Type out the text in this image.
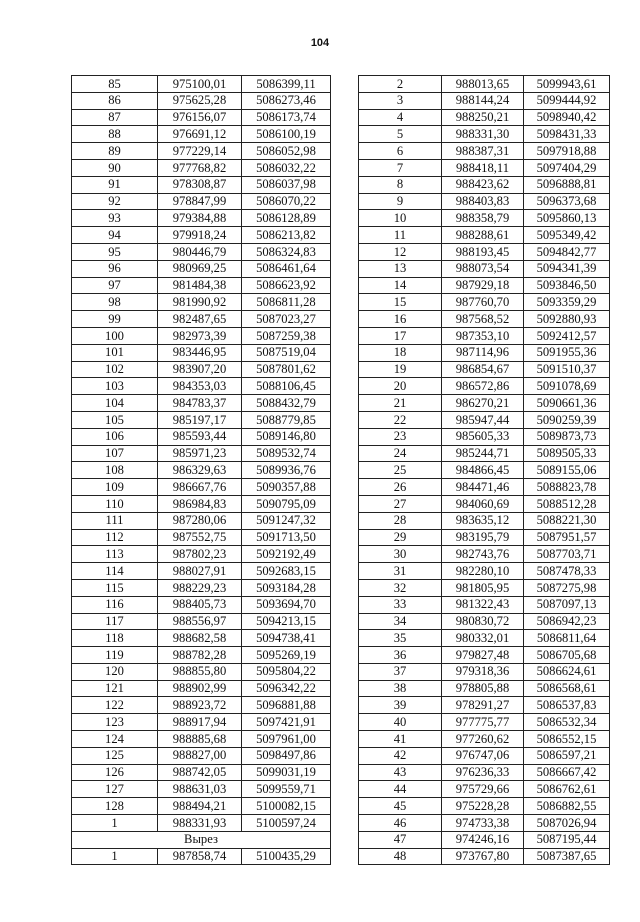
104
85	975100,01	5086399,11
86	975625,28	5086273,46
87	976156,07	5086173,74
88	976691,12	5086100,19
89	977229,14	5086052,98
90	977768,82	5086032,22
91	978308,87	5086037,98
92	978847,99	5086070,22
93	979384,88	5086128,89
94	979918,24	5086213,82
95	980446,79	5086324,83
96	980969,25	5086461,64
97	981484,38	5086623,92
98	981990,92	5086811,28
99	982487,65	5087023,27
100	982973,39	5087259,38
101	983446,95	5087519,04
102	983907,20	5087801,62
103	984353,03	5088106,45
104	984783,37	5088432,79
105	985197,17	5088779,85
106	985593,44	5089146,80
107	985971,23	5089532,74
108	986329,63	5089936,76
109	986667,76	5090357,88
110	986984,83	5090795,09
111	987280,06	5091247,32
112	987552,75	5091713,50
113	987802,23	5092192,49
114	988027,91	5092683,15
115	988229,23	5093184,28
116	988405,73	5093694,70
117	988556,97	5094213,15
118	988682,58	5094738,41
119	988782,28	5095269,19
120	988855,80	5095804,22
121	988902,99	5096342,22
122	988923,72	5096881,88
123	988917,94	5097421,91
124	988885,68	5097961,00
125	988827,00	5098497,86
126	988742,05	5099031,19
127	988631,03	5099559,71
128	988494,21	5100082,15
1	988331,93	5100597,24
Вырез		
1	987858,74	5100435,29
2	988013,65	5099943,61
3	988144,24	5099444,92
4	988250,21	5098940,42
5	988331,30	5098431,33
6	988387,31	5097918,88
7	988418,11	5097404,29
8	988423,62	5096888,81
9	988403,83	5096373,68
10	988358,79	5095860,13
11	988288,61	5095349,42
12	988193,45	5094842,77
13	988073,54	5094341,39
14	987929,18	5093846,50
15	987760,70	5093359,29
16	987568,52	5092880,93
17	987353,10	5092412,57
18	987114,96	5091955,36
19	986854,67	5091510,37
20	986572,86	5091078,69
21	986270,21	5090661,36
22	985947,44	5090259,39
23	985605,33	5089873,73
24	985244,71	5089505,33
25	984866,45	5089155,06
26	984471,46	5088823,78
27	984060,69	5088512,28
28	983635,12	5088221,30
29	983195,79	5087951,57
30	982743,76	5087703,71
31	982280,10	5087478,33
32	981805,95	5087275,98
33	981322,43	5087097,13
34	980830,72	5086942,23
35	980332,01	5086811,64
36	979827,48	5086705,68
37	979318,36	5086624,61
38	978805,88	5086568,61
39	978291,27	5086537,83
40	977775,77	5086532,34
41	977260,62	5086552,15
42	976747,06	5086597,21
43	976236,33	5086667,42
44	975729,66	5086762,61
45	975228,28	5086882,55
46	974733,38	5087026,94
47	974246,16	5087195,44
48	973767,80	5087387,65
